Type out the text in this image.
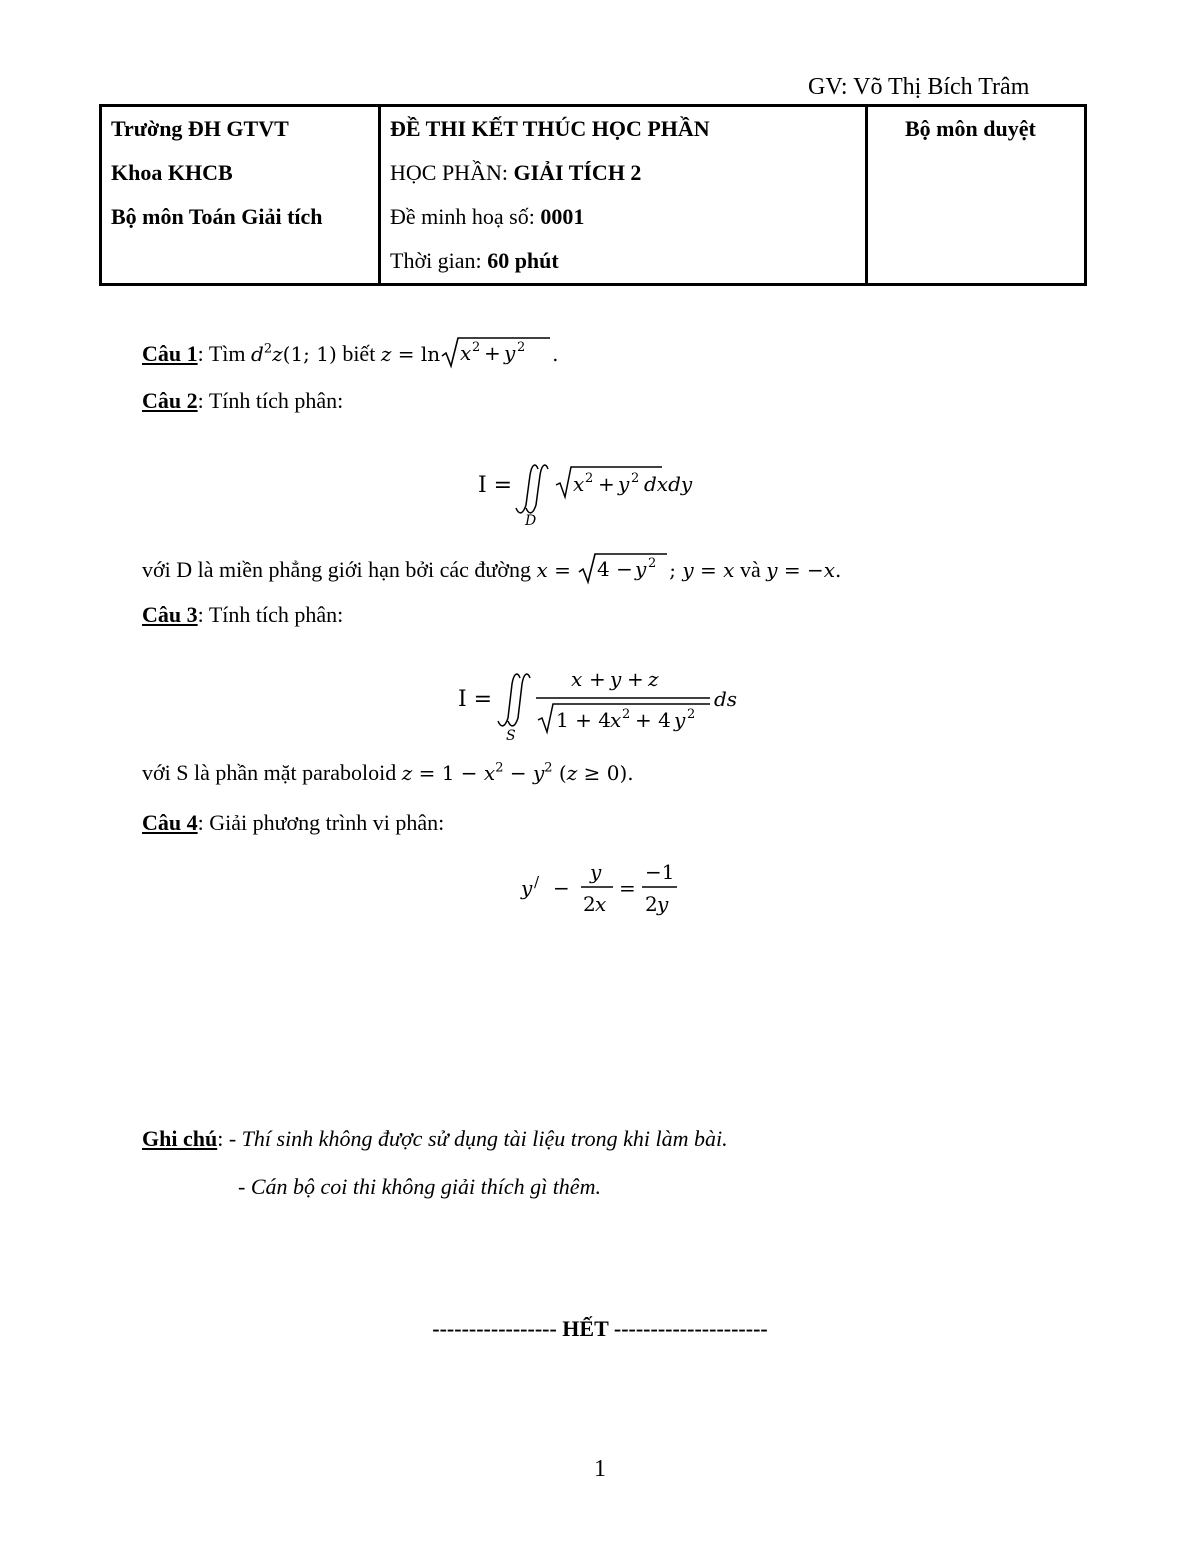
GV: Võ Thị Bích Trâm
Trường ĐH GTVT
Khoa KHCB
Bộ môn Toán Giải tích

ĐỀ THI KẾT THÚC HỌC PHẦN
HỌC PHẦN: GIẢI TÍCH 2
Đề minh hoạ số: 0001
Thời gian: 60 phút

Bộ môn duyệt
Câu 1: Tìm $d^2z(1$; 1) biết z = ln x 2 + y 2 .
Câu 2: Tính tích phân:
I =
D
x 2 + y 2 dxdy
với D là miền phẳng giới hạn bởi các đường x = 4 − y 2 ; y = x và y = −x.
Câu 3: Tính tích phân:
I =
S
x + y + z
1 + 4 x 2 + 4 y 2
ds
với S là phần mặt paraboloid $z = 1 - x^2 - y^2$ (z ≥ 0).
Câu 4: Giải phương trình vi phân:
y / −
y
2 x
=
−1
2 y
Ghi chú: - Thí sinh không được sử dụng tài liệu trong khi làm bài.
- Cán bộ coi thi không giải thích gì thêm.
----------------- HẾT ---------------------
1
